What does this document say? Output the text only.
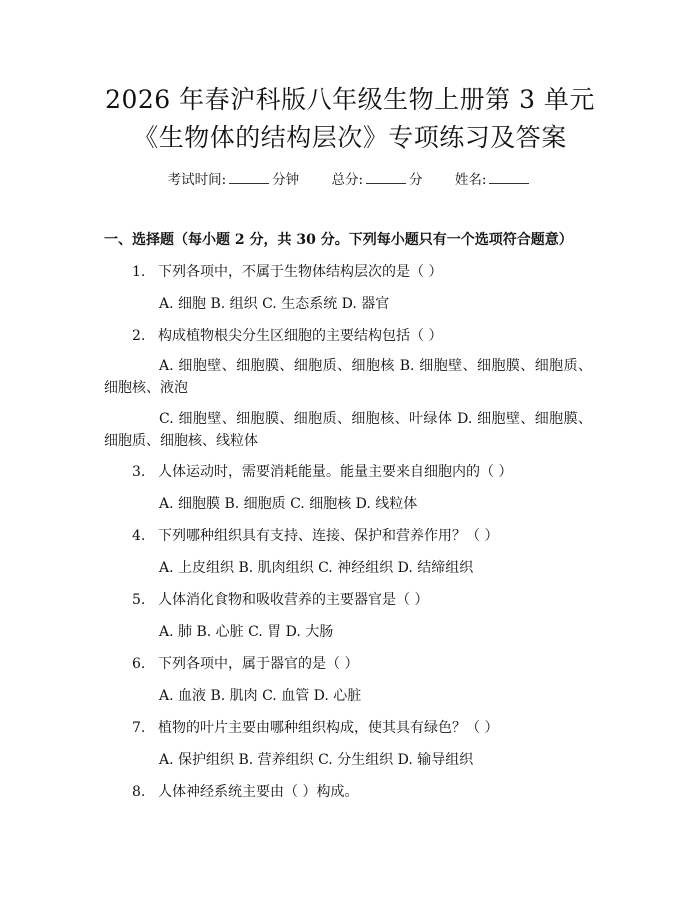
2026 年春沪科版八年级生物上册第 3 单元
《生物体的结构层次》专项练习及答案
考试时间:	分钟 总分:	分 姓名:
一、选择题（每小题 2 分，共 30 分。下列每小题只有一个选项符合题意）
1. 下列各项中，不属于生物体结构层次的是（ ）
A. 细胞 B. 组织 C. 生态系统 D. 器官
2. 构成植物根尖分生区细胞的主要结构包括（ ）
A. 细胞壁、细胞膜、细胞质、细胞核 B. 细胞壁、细胞膜、细胞质、细胞核、液泡
C. 细胞壁、细胞膜、细胞质、细胞核、叶绿体 D. 细胞壁、细胞膜、细胞质、细胞核、线粒体
3. 人体运动时，需要消耗能量。能量主要来自细胞内的（ ）
A. 细胞膜 B. 细胞质 C. 细胞核 D. 线粒体
4. 下列哪种组织具有支持、连接、保护和营养作用？（ ）
A. 上皮组织 B. 肌肉组织 C. 神经组织 D. 结缔组织
5. 人体消化食物和吸收营养的主要器官是（ ）
A. 肺 B. 心脏 C. 胃 D. 大肠
6. 下列各项中，属于器官的是（ ）
A. 血液 B. 肌肉 C. 血管 D. 心脏
7. 植物的叶片主要由哪种组织构成，使其具有绿色？（ ）
A. 保护组织 B. 营养组织 C. 分生组织 D. 输导组织
8. 人体神经系统主要由（ ）构成。
